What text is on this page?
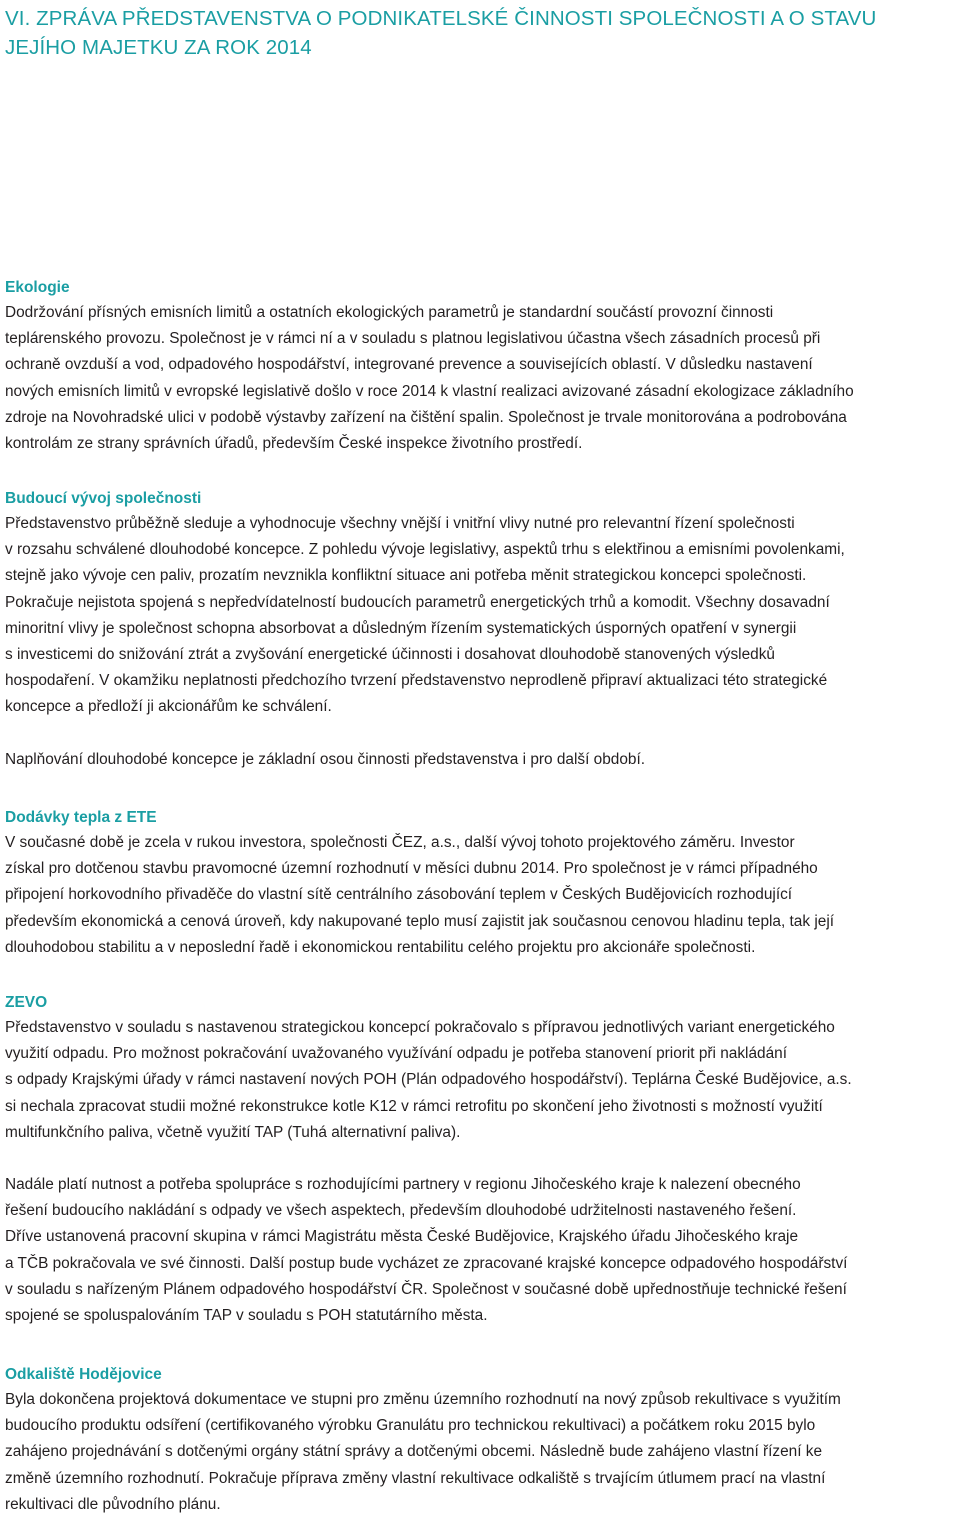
VI. ZPRÁVA PŘEDSTAVENSTVA O PODNIKATELSKÉ ČINNOSTI SPOLEČNOSTI A O STAVU
JEJÍHO MAJETKU ZA ROK 2014
Ekologie

Dodržování přísných emisních limitů a ostatních ekologických parametrů je standardní součástí provozní činnosti
teplárenského provozu. Společnost je v rámci ní a v souladu s platnou legislativou účastna všech zásadních procesů při
ochraně ovzduší a vod, odpadového hospodářství, integrované prevence a souvisejících oblastí. V důsledku nastavení
nových emisních limitů v evropské legislativě došlo v roce 2014 k vlastní realizaci avizované zásadní ekologizace základního
zdroje na Novohradské ulici v podobě výstavby zařízení na čištění spalin. Společnost je trvale monitorována a podrobována
kontrolám ze strany správních úřadů, především České inspekce životního prostředí.

Budoucí vývoj společnosti

Představenstvo průběžně sleduje a vyhodnocuje všechny vnější i vnitřní vlivy nutné pro relevantní řízení společnosti
v rozsahu schválené dlouhodobé koncepce. Z pohledu vývoje legislativy, aspektů trhu s elektřinou a emisními povolenkami,
stejně jako vývoje cen paliv, prozatím nevznikla konfliktní situace ani potřeba měnit strategickou koncepci společnosti.
Pokračuje nejistota spojená s nepředvídatelností budoucích parametrů energetických trhů a komodit. Všechny dosavadní
minoritní vlivy je společnost schopna absorbovat a důsledným řízením systematických úsporných opatření v synergii
s investicemi do snižování ztrát a zvyšování energetické účinnosti i dosahovat dlouhodobě stanovených výsledků
hospodaření. V okamžiku neplatnosti předchozího tvrzení představenstvo neprodleně připraví aktualizaci této strategické
koncepce a předloží ji akcionářům ke schválení.

Naplňování dlouhodobé koncepce je základní osou činnosti představenstva i pro další období.

Dodávky tepla z ETE

V současné době je zcela v rukou investora, společnosti ČEZ, a.s., další vývoj tohoto projektového záměru. Investor
získal pro dotčenou stavbu pravomocné územní rozhodnutí v měsíci dubnu 2014. Pro společnost je v rámci případného
připojení horkovodního přivaděče do vlastní sítě centrálního zásobování teplem v Českých Budějovicích rozhodující
především ekonomická a cenová úroveň, kdy nakupované teplo musí zajistit jak současnou cenovou hladinu tepla, tak její
dlouhodobou stabilitu a v neposlední řadě i ekonomickou rentabilitu celého projektu pro akcionáře společnosti.

ZEVO

Představenstvo v souladu s nastavenou strategickou koncepcí pokračovalo s přípravou jednotlivých variant energetického
využití odpadu. Pro možnost pokračování uvažovaného využívání odpadu je potřeba stanovení priorit při nakládání
s odpady Krajskými úřady v rámci nastavení nových POH (Plán odpadového hospodářství). Teplárna České Budějovice, a.s.
si nechala zpracovat studii možné rekonstrukce kotle K12 v rámci retrofitu po skončení jeho životnosti s možností využití
multifunkčního paliva, včetně využití TAP (Tuhá alternativní paliva).

Nadále platí nutnost a potřeba spolupráce s rozhodujícími partnery v regionu Jihočeského kraje k nalezení obecného
řešení budoucího nakládání s odpady ve všech aspektech, především dlouhodobé udržitelnosti nastaveného řešení.
Dříve ustanovená pracovní skupina v rámci Magistrátu města České Budějovice, Krajského úřadu Jihočeského kraje
a TČB pokračovala ve své činnosti. Další postup bude vycházet ze zpracované krajské koncepce odpadového hospodářství
v souladu s nařízeným Plánem odpadového hospodářství ČR. Společnost v současné době upřednostňuje technické řešení
spojené se spoluspalováním TAP v souladu s POH statutárního města.

Odkaliště Hodějovice

Byla dokončena projektová dokumentace ve stupni pro změnu územního rozhodnutí na nový způsob rekultivace s využitím
budoucího produktu odsíření (certifikovaného výrobku Granulátu pro technickou rekultivaci) a počátkem roku 2015 bylo
zahájeno projednávání s dotčenými orgány státní správy a dotčenými obcemi. Následně bude zahájeno vlastní řízení ke
změně územního rozhodnutí. Pokračuje příprava změny vlastní rekultivace odkaliště s trvajícím útlumem prací na vlastní
rekultivaci dle původního plánu.
